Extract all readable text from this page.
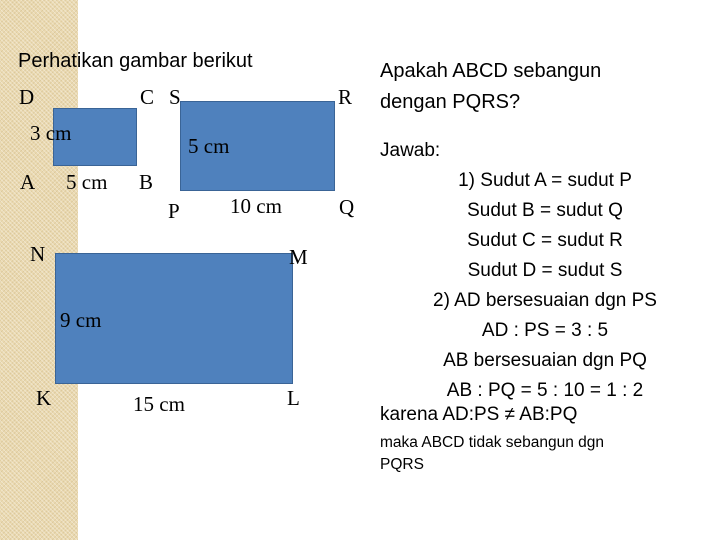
Perhatikan gambar berikut
D	C
A	B
3 cm
5 cm
S	R
P	Q
5 cm
10 cm
N	M
K	L
9 cm
15 cm
Apakah ABCD sebangun
dengan PQRS?
Jawab:
1) Sudut A = sudut P
Sudut B = sudut Q
Sudut C = sudut R
Sudut D = sudut S
2) AD bersesuaian dgn PS
AD : PS = 3 : 5
AB bersesuaian dgn PQ
AB : PQ = 5 : 10 = 1 : 2
karena AD:PS ≠ AB:PQ
maka ABCD tidak sebangun dgn
PQRS
